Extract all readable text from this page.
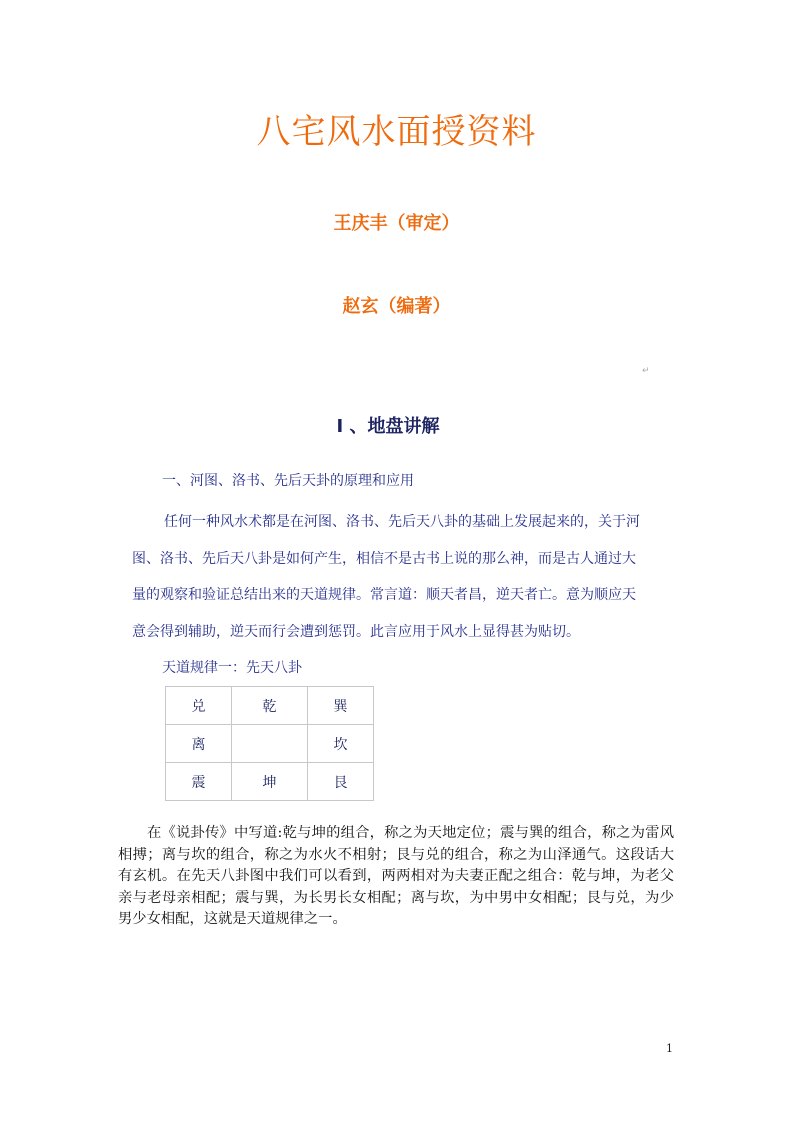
八宅风水面授资料
王庆丰（审定）
赵玄（编著）
↵
I 、地盘讲解
一、河图、洛书、先后天卦的原理和应用

任何一种风水术都是在河图、洛书、先后天八卦的基础上发展起来的，关于河图、洛书、先后天八卦是如何产生，相信不是古书上说的那么神，而是古人通过大量的观察和验证总结出来的天道规律。常言道：顺天者昌，逆天者亡。意为顺应天意会得到辅助，逆天而行会遭到惩罚。此言应用于风水上显得甚为贴切。

天道规律一：先天八卦
兑	乾	巽
离		坎
震	坤	艮

在《说卦传》中写道:乾与坤的组合，称之为天地定位；震与巽的组合，称之为雷风相搏；离与坎的组合，称之为水火不相射；艮与兑的组合，称之为山泽通气。这段话大有玄机。在先天八卦图中我们可以看到，两两相对为夫妻正配之组合：乾与坤，为老父亲与老母亲相配；震与巽，为长男长女相配；离与坎，为中男中女相配；艮与兑，为少男少女相配，这就是天道规律之一。

1
